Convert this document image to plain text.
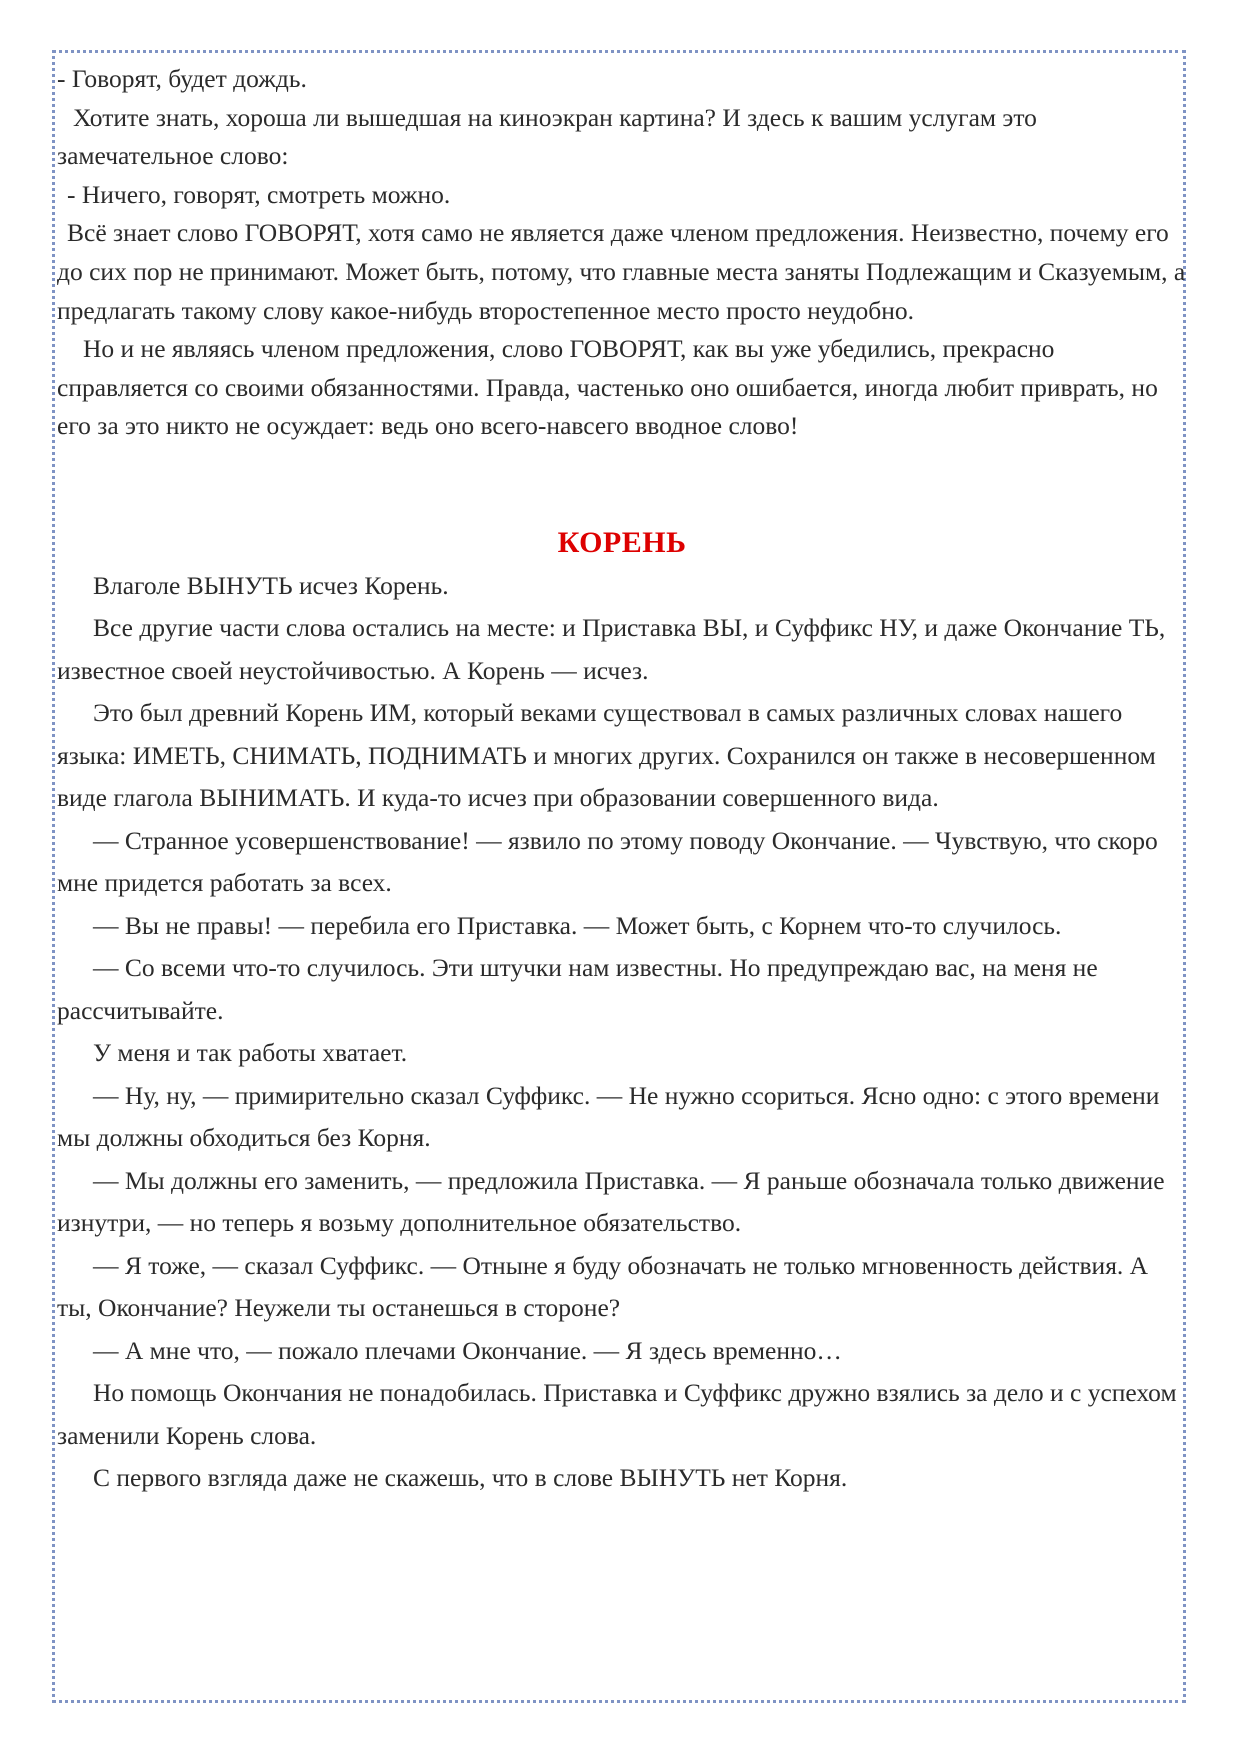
- Говорят, будет дождь.

Хотите знать, хороша ли вышедшая на киноэкран картина? И здесь к вашим услугам это замечательное слово:

- Ничего, говорят, смотреть можно.

Всё знает слово ГОВОРЯТ, хотя само не является даже членом предложения. Неизвестно, почему его до сих пор не принимают. Может быть, потому, что главные места заняты Подлежащим и Сказуемым, а предлагать такому слову какое-нибудь второстепенное место просто неудобно.

Но и не являясь членом предложения, слово ГОВОРЯТ, как вы уже убедились, прекрасно справляется со своими обязанностями. Правда, частенько оно ошибается, иногда любит приврать, но его за это никто не осуждает: ведь оно всего-навсего вводное слово!

КОРЕНЬ

Влаголе ВЫНУТЬ исчез Корень.

Все другие части слова остались на месте: и Приставка ВЫ, и Суффикс НУ, и даже Окончание ТЬ, известное своей неустойчивостью. А Корень — исчез.

Это был древний Корень ИМ, который веками существовал в самых различных словах нашего языка: ИМЕТЬ, СНИМАТЬ, ПОДНИМАТЬ и многих других. Сохранился он также в несовершенном виде глагола ВЫНИМАТЬ. И куда-то исчез при образовании совершенного вида.

— Странное усовершенствование! — язвило по этому поводу Окончание. — Чувствую, что скоро мне придется работать за всех.

— Вы не правы! — перебила его Приставка. — Может быть, с Корнем что-то случилось.

— Со всеми что-то случилось. Эти штучки нам известны. Но предупреждаю вас, на меня не рассчитывайте.

У меня и так работы хватает.

— Ну, ну, — примирительно сказал Суффикс. — Не нужно ссориться. Ясно одно: с этого времени мы должны обходиться без Корня.

— Мы должны его заменить, — предложила Приставка. — Я раньше обозначала только движение изнутри, — но теперь я возьму дополнительное обязательство.

— Я тоже, — сказал Суффикс. — Отныне я буду обозначать не только мгновенность действия. А ты, Окончание? Неужели ты останешься в стороне?

— А мне что, — пожало плечами Окончание. — Я здесь временно…

Но помощь Окончания не понадобилась. Приставка и Суффикс дружно взялись за дело и с успехом заменили Корень слова.

С первого взгляда даже не скажешь, что в слове ВЫНУТЬ нет Корня.
